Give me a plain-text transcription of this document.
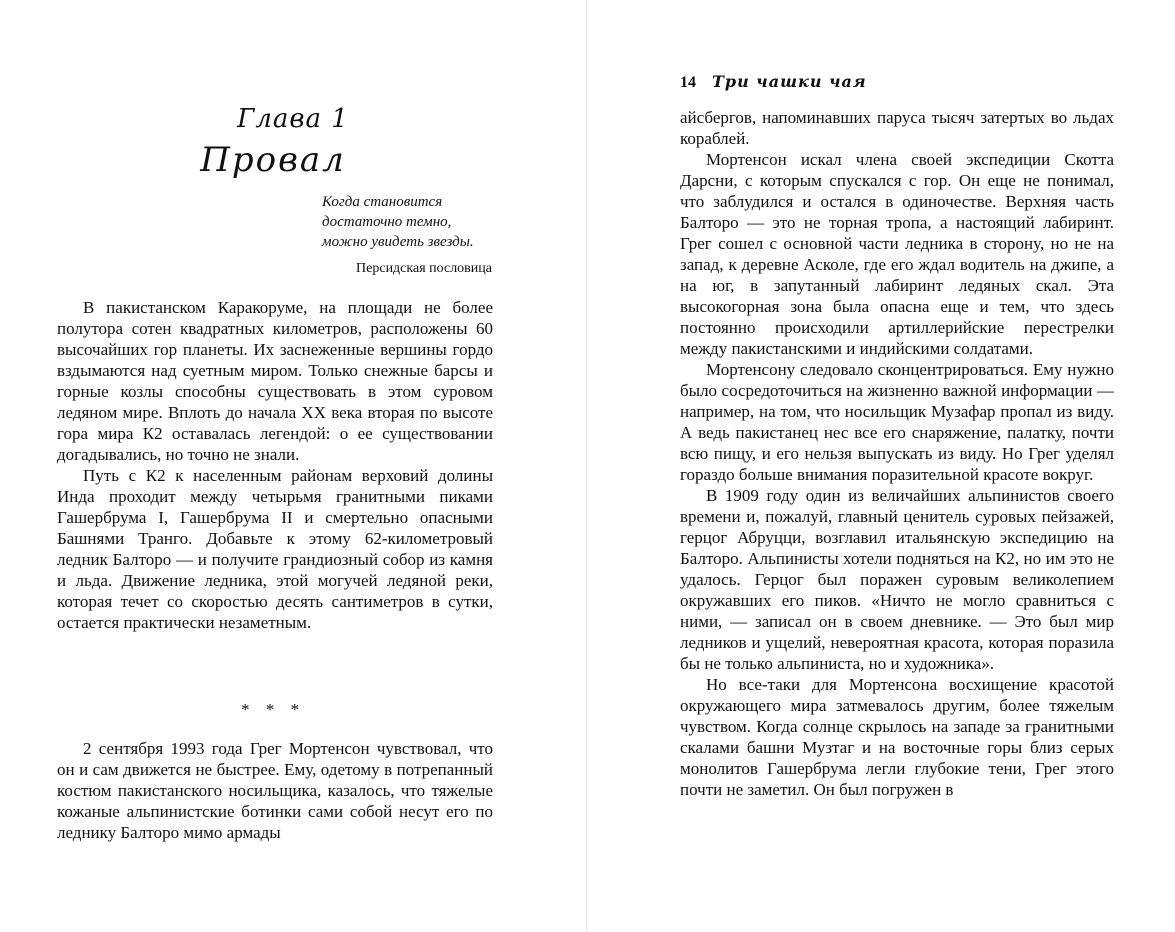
Глава 1
Провал
Когда становится
достаточно темно,
можно увидеть звезды.
Персидская пословица

В пакистанском Каракоруме, на площади не более полутора сотен квадратных километров, расположены 60 высочайших гор планеты. Их заснеженные вершины гордо вздымаются над суетным миром. Только снежные барсы и горные козлы способны существовать в этом суровом ледяном мире. Вплоть до начала XX века вторая по высоте гора мира К2 оставалась легендой: о ее существовании догадывались, но точно не знали.

Путь с К2 к населенным районам верховий долины Инда проходит между четырьмя гранитными пиками Гашербрума I, Гашербрума II и смертельно опасными Башнями Транго. Добавьте к этому 62-километровый ледник Балторо — и получите грандиозный собор из камня и льда. Движение ледника, этой могучей ледяной реки, которая течет со скоростью десять сантиметров в сутки, остается практически незаметным.

* * *

2 сентября 1993 года Грег Мортенсон чувствовал, что он и сам движется не быстрее. Ему, одетому в потрепанный костюм пакистанского носильщика, казалось, что тяжелые кожаные альпинистские ботинки сами собой несут его по леднику Балторо мимо армады

14 Три чашки чая

айсбергов, напоминавших паруса тысяч затертых во льдах кораблей.

Мортенсон искал члена своей экспедиции Скотта Дарсни, с которым спускался с гор. Он еще не понимал, что заблудился и остался в одиночестве. Верхняя часть Балторо — это не торная тропа, а настоящий лабиринт. Грег сошел с основной части ледника в сторону, но не на запад, к деревне Асколе, где его ждал водитель на джипе, а на юг, в запутанный лабиринт ледяных скал. Эта высокогорная зона была опасна еще и тем, что здесь постоянно происходили артиллерийские перестрелки между пакистанскими и индийскими солдатами.

Мортенсону следовало сконцентрироваться. Ему нужно было сосредоточиться на жизненно важной информации — например, на том, что носильщик Музафар пропал из виду. А ведь пакистанец нес все его снаряжение, палатку, почти всю пищу, и его нельзя выпускать из виду. Но Грег уделял гораздо больше внимания поразительной красоте вокруг.

В 1909 году один из величайших альпинистов своего времени и, пожалуй, главный ценитель суровых пейзажей, герцог Абруцци, возглавил итальянскую экспедицию на Балторо. Альпинисты хотели подняться на К2, но им это не удалось. Герцог был поражен суровым великолепием окружавших его пиков. «Ничто не могло сравниться с ними, — записал он в своем дневнике. — Это был мир ледников и ущелий, невероятная красота, которая поразила бы не только альпиниста, но и художника».

Но все-таки для Мортенсона восхищение красотой окружающего мира затмевалось другим, более тяжелым чувством. Когда солнце скрылось на западе за гранитными скалами башни Музтаг и на восточные горы близ серых монолитов Гашербрума легли глубокие тени, Грег этого почти не заметил. Он был погружен в
